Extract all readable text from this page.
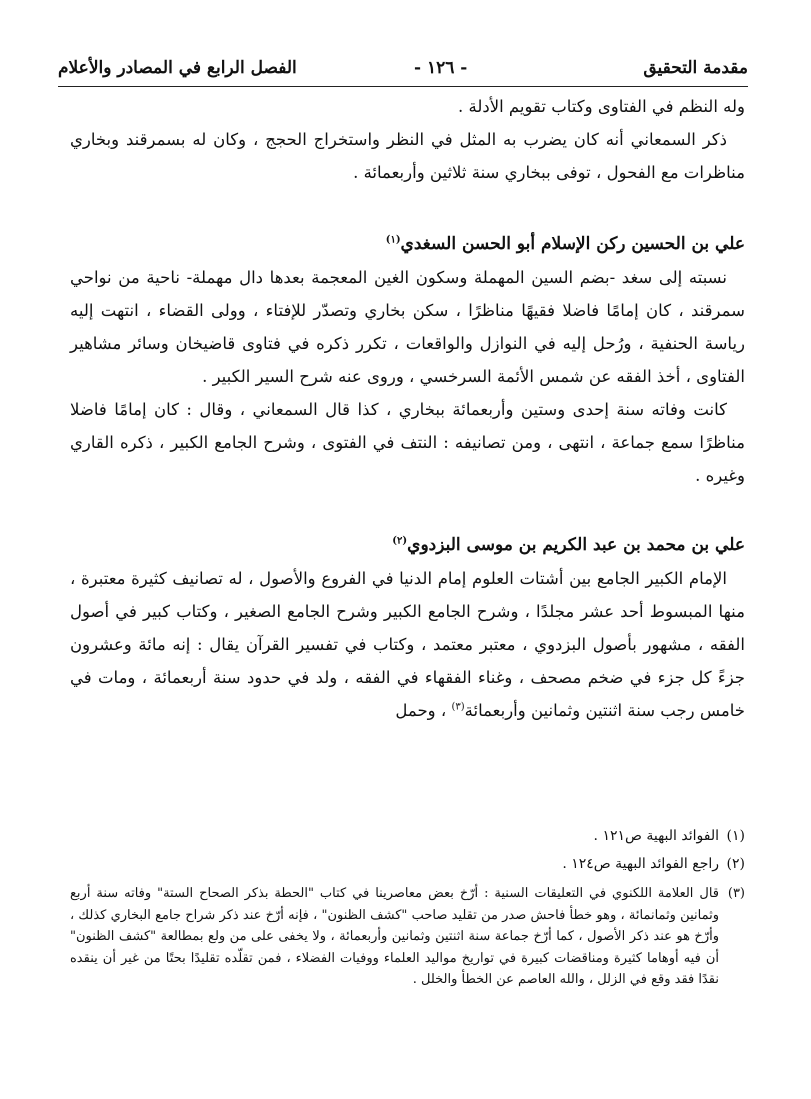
مقدمة التحقيق
- ١٢٦ -
الفصل الرابع في المصادر والأعلام

وله النظم في الفتاوى وكتاب تقويم الأدلة .

ذكر السمعاني أنه كان يضرب به المثل في النظر واستخراج الحجج ، وكان له بسمرقند وبخاري مناظرات مع الفحول ، توفى ببخاري سنة ثلاثين وأربعمائة .

علي بن الحسين ركن الإسلام أبو الحسن السغدي$^{(١)}$

نسبته إلى سغد -بضم السين المهملة وسكون الغين المعجمة بعدها دال مهملة- ناحية من نواحي سمرقند ، كان إمامًا فاضلا فقيهًا مناظرًا ، سكن بخاري وتصدّر للإفتاء ، وولى القضاء ، انتهت إليه رياسة الحنفية ، ورُحل إليه في النوازل والواقعات ، تكرر ذكره في فتاوى قاضيخان وسائر مشاهير الفتاوى ، أخذ الفقه عن شمس الأئمة السرخسي ، وروى عنه شرح السير الكبير .

كانت وفاته سنة إحدى وستين وأربعمائة ببخاري ، كذا قال السمعاني ، وقال : كان إمامًا فاضلا مناظرًا سمع جماعة ، انتهى ، ومن تصانيفه : النتف في الفتوى ، وشرح الجامع الكبير ، ذكره القاري وغيره .

علي بن محمد بن عبد الكريم بن موسى البزدوي$^{(٢)}$

الإمام الكبير الجامع بين أشتات العلوم إمام الدنيا في الفروع والأصول ، له تصانيف كثيرة معتبرة ، منها المبسوط أحد عشر مجلدًا ، وشرح الجامع الكبير وشرح الجامع الصغير ، وكتاب كبير في أصول الفقه ، مشهور بأصول البزدوي ، معتبر معتمد ، وكتاب في تفسير القرآن يقال : إنه مائة وعشرون جزءً كل جزء في ضخم مصحف ، وغناء الفقهاء في الفقه ، ولد في حدود سنة أربعمائة ، ومات في خامس رجب سنة اثنتين وثمانين وأربعمائة$^{(٣)}$ ، وحمل

(١)
الفوائد البهية ص١٢١ .
(٢)
راجع الفوائد البهية ص١٢٤ .
(٣)
قال العلامة اللكنوي في التعليقات السنية : أرّخ بعض معاصرينا في كتاب "الحطة بذكر الصحاح الستة" وفاته سنة أربع وثمانين وثمانمائة ، وهو خطأ فاحش صدر من تقليد صاحب "كشف الظنون" ، فإنه أرّخ عند ذكر شراح جامع البخاري كذلك ، وأرّخ هو عند ذكر الأصول ، كما أرّخ جماعة سنة اثنتين وثمانين وأربعمائة ، ولا يخفى على من ولع بمطالعة "كشف الظنون" أن فيه أوهاما كثيرة ومناقضات كبيرة في تواريخ مواليد العلماء ووفيات الفضلاء ، فمن تقلّده تقليدًا بحتًا من غير أن ينقده نقدًا فقد وقع في الزلل ، والله العاصم عن الخطأ والخلل .
